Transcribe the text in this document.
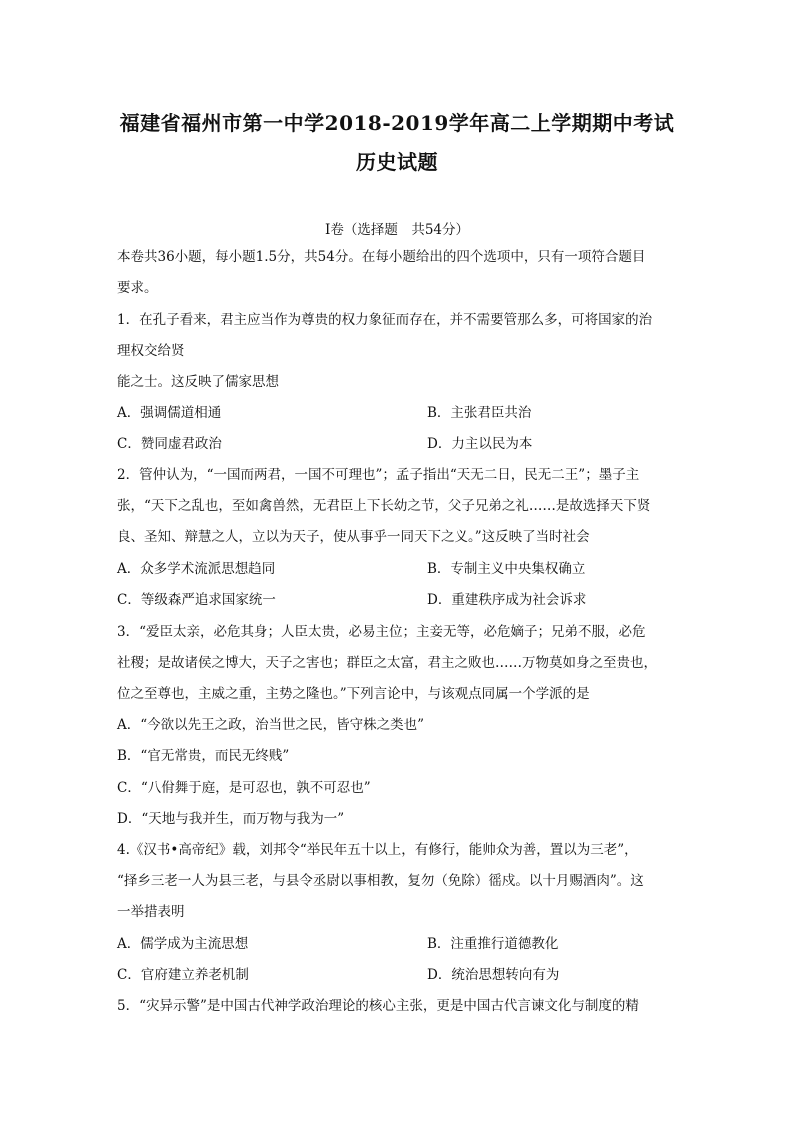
福建省福州市第一中学2018-2019学年高二上学期期中考试
历史试题
Ⅰ卷（选择题　共54分）
本卷共36小题，每小题1.5分，共54分。在每小题给出的四个选项中，只有一项符合题目
要求。
1．在孔子看来，君主应当作为尊贵的权力象征而存在，并不需要管那么多，可将国家的治
理权交给贤
能之士。这反映了儒家思想
A．强调儒道相通	B．主张君臣共治
C．赞同虚君政治	D．力主以民为本
2．管仲认为，“一国而两君，一国不可理也”；孟子指出“天无二日，民无二王”；墨子主
张，“天下之乱也，至如禽兽然，无君臣上下长幼之节，父子兄弟之礼……是故选择天下贤
良、圣知、辩慧之人，立以为天子，使从事乎一同天下之义。”这反映了当时社会
A．众多学术流派思想趋同	B．专制主义中央集权确立
C．等级森严追求国家统一	D．重建秩序成为社会诉求
3．“爱臣太亲，必危其身；人臣太贵，必易主位；主妾无等，必危嫡子；兄弟不服，必危
社稷；是故诸侯之博大，天子之害也；群臣之太富，君主之败也……万物莫如身之至贵也，
位之至尊也，主威之重，主势之隆也。”下列言论中，与该观点同属一个学派的是
A．“今欲以先王之政，治当世之民，皆守株之类也”
B．“官无常贵，而民无终贱”
C．“八佾舞于庭，是可忍也，孰不可忍也”
D．“天地与我并生，而万物与我为一”
4.《汉书•高帝纪》载，刘邦令“举民年五十以上，有修行，能帅众为善，置以为三老”，
“择乡三老一人为县三老，与县令丞尉以事相教，复勿（免除）徭戍。以十月赐酒肉”。这
一举措表明
A．儒学成为主流思想	B．注重推行道德教化
C．官府建立养老机制	D．统治思想转向有为
5．“灾异示警”是中国古代神学政治理论的核心主张，更是中国古代言谏文化与制度的精
